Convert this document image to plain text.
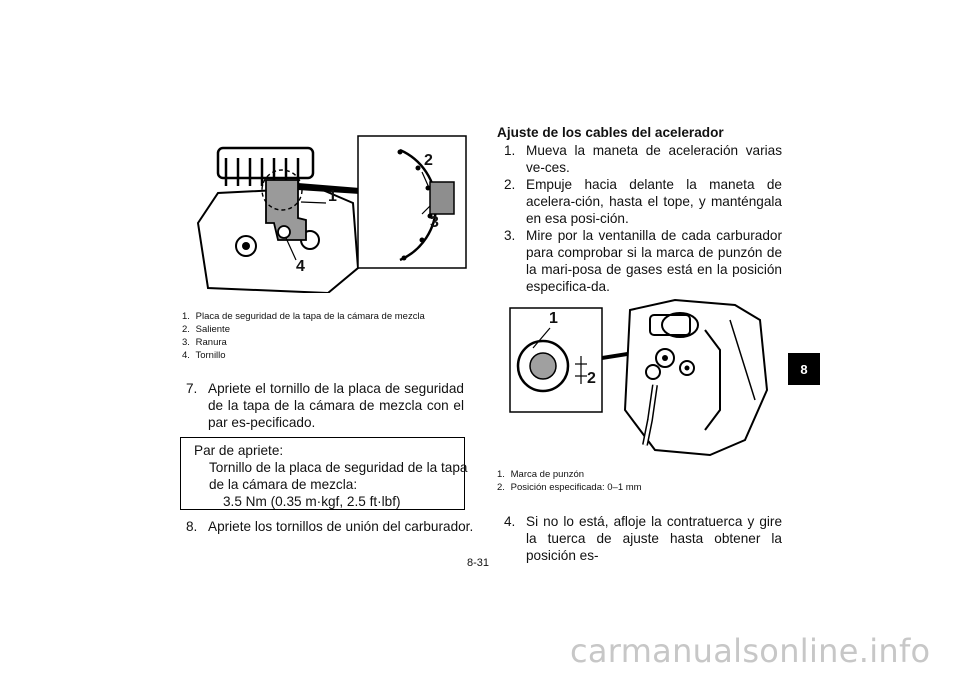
1
2
3
4
1. Placa de seguridad de la tapa de la cámara de mezcla
2. Saliente
3. Ranura
4. Tornillo
7. Apriete el tornillo de la placa de seguridad de la tapa de la cámara de mezcla con el par es-pecificado.
Par de apriete:
Tornillo de la placa de seguridad de la tapa
de la cámara de mezcla:
3.5 Nm (0.35 m·kgf, 2.5 ft·lbf)
8. Apriete los tornillos de unión del carburador.
Ajuste de los cables del acelerador
1. Mueva la maneta de aceleración varias ve-ces.
2. Empuje hacia delante la maneta de acelera-ción, hasta el tope, y manténgala en esa posi-ción.
3. Mire por la ventanilla de cada carburador para comprobar si la marca de punzón de la mari-posa de gases está en la posición especifica-da.
1
2
1. Marca de punzón
2. Posición especificada: 0–1 mm
4. Si no lo está, afloje la contratuerca y gire la tuerca de ajuste hasta obtener la posición es-
8
8-31
carmanualsonline.info
